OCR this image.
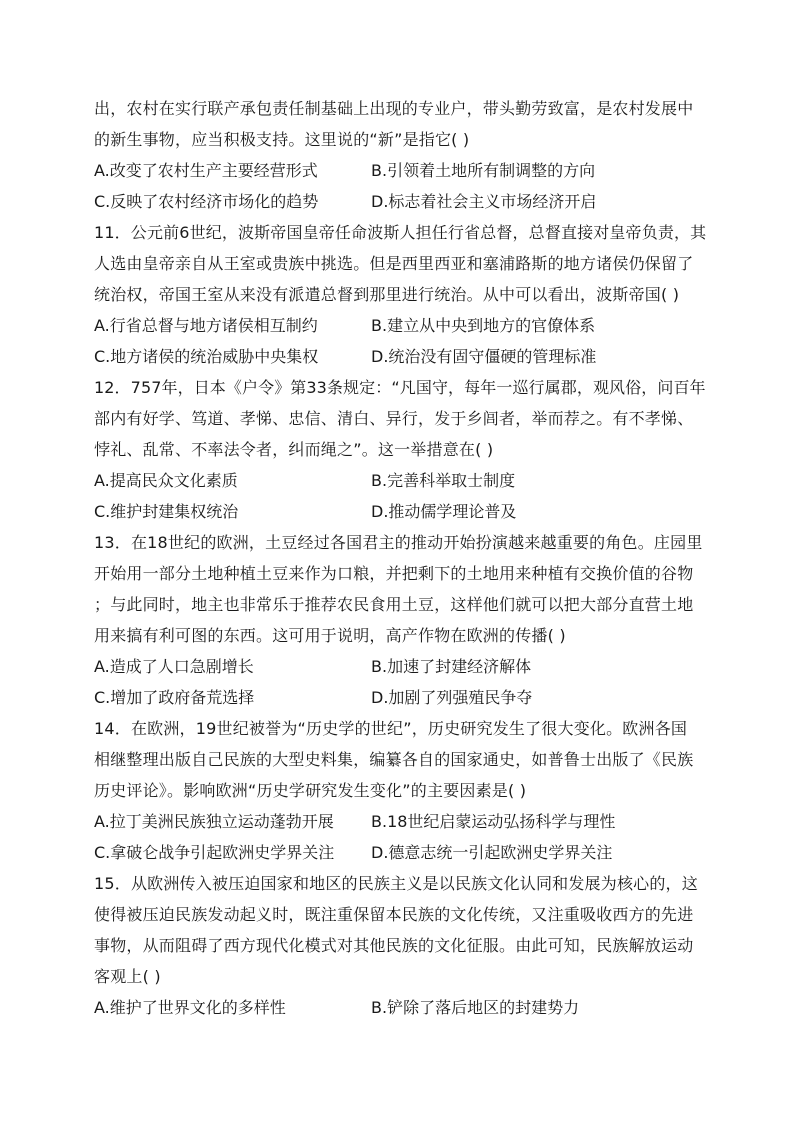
出，农村在实行联产承包责任制基础上出现的专业户，带头勤劳致富，是农村发展中
的新生事物，应当积极支持。这里说的“新”是指它( )
A.改变了农村生产主要经营形式	B.引领着土地所有制调整的方向
C.反映了农村经济市场化的趋势	D.标志着社会主义市场经济开启
11．公元前6世纪，波斯帝国皇帝任命波斯人担任行省总督，总督直接对皇帝负责，其
人选由皇帝亲自从王室或贵族中挑选。但是西里西亚和塞浦路斯的地方诸侯仍保留了
统治权，帝国王室从来没有派遣总督到那里进行统治。从中可以看出，波斯帝国( )
A.行省总督与地方诸侯相互制约	B.建立从中央到地方的官僚体系
C.地方诸侯的统治威胁中央集权	D.统治没有固守僵硬的管理标准
12．757年，日本《户令》第33条规定：“凡国守，每年一巡行属郡，观风俗，问百年
部内有好学、笃道、孝悌、忠信、清白、异行，发于乡闾者，举而荐之。有不孝悌、
悖礼、乱常、不率法令者，纠而绳之”。这一举措意在( )
A.提高民众文化素质	B.完善科举取士制度
C.维护封建集权统治	D.推动儒学理论普及
13．在18世纪的欧洲，土豆经过各国君主的推动开始扮演越来越重要的角色。庄园里
开始用一部分土地种植土豆来作为口粮，并把剩下的土地用来种植有交换价值的谷物
；与此同时，地主也非常乐于推荐农民食用土豆，这样他们就可以把大部分直营土地
用来搞有利可图的东西。这可用于说明，高产作物在欧洲的传播( )
A.造成了人口急剧增长	B.加速了封建经济解体
C.增加了政府备荒选择	D.加剧了列强殖民争夺
14．在欧洲，19世纪被誉为“历史学的世纪”，历史研究发生了很大变化。欧洲各国
相继整理出版自己民族的大型史料集，编纂各自的国家通史，如普鲁士出版了《民族
历史评论》。影响欧洲“历史学研究发生变化”的主要因素是( )
A.拉丁美洲民族独立运动蓬勃开展 B.18世纪启蒙运动弘扬科学与理性
C.拿破仑战争引起欧洲史学界关注 D.德意志统一引起欧洲史学界关注
15．从欧洲传入被压迫国家和地区的民族主义是以民族文化认同和发展为核心的，这
使得被压迫民族发动起义时，既注重保留本民族的文化传统，又注重吸收西方的先进
事物，从而阻碍了西方现代化模式对其他民族的文化征服。由此可知，民族解放运动
客观上( )
A.维护了世界文化的多样性	B.铲除了落后地区的封建势力
